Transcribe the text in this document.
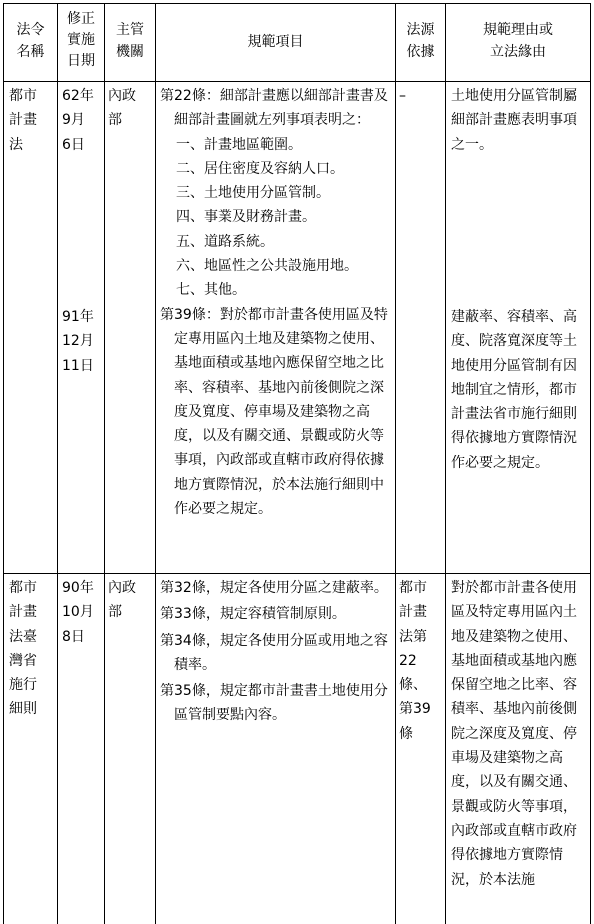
法令
名稱
修正
實施
日期
主管
機關
規範項目
法源
依據
規範理由或
立法緣由
都市
計畫
法
62年
9月
6日
91年
12月
11日
內政
部
第22條：細部計畫應以細部計畫書及細部計畫圖就左列事項表明之：
一、計畫地區範圍。
二、居住密度及容納人口。
三、土地使用分區管制。
四、事業及財務計畫。
五、道路系統。
六、地區性之公共設施用地。
七、其他。
第39條：對於都市計畫各使用區及特定專用區內土地及建築物之使用、基地面積或基地內應保留空地之比率、容積率、基地內前後側院之深度及寬度、停車場及建築物之高度，以及有關交通、景觀或防火等事項，內政部或直轄市政府得依據地方實際情況，於本法施行細則中作必要之規定。
–	土地使用分區管制屬細部計畫應表明事項之一。
建蔽率、容積率、高度、院落寬深度等土地使用分區管制有因地制宜之情形，都市計畫法省市施行細則得依據地方實際情況作必要之規定。
都市
計畫
法臺
灣省
施行
細則
90年
10月
8日
內政
部
第32條，規定各使用分區之建蔽率。
第33條，規定容積管制原則。
第34條，規定各使用分區或用地之容積率。
第35條，規定都市計畫書土地使用分區管制要點內容。
都市
計畫
法第
22
條、
第39
條
對於都市計畫各使用區及特定專用區內土地及建築物之使用、基地面積或基地內應保留空地之比率、容積率、基地內前後側院之深度及寬度、停車場及建築物之高度，以及有關交通、景觀或防火等事項，內政部或直轄市政府得依據地方實際情況，於本法施
